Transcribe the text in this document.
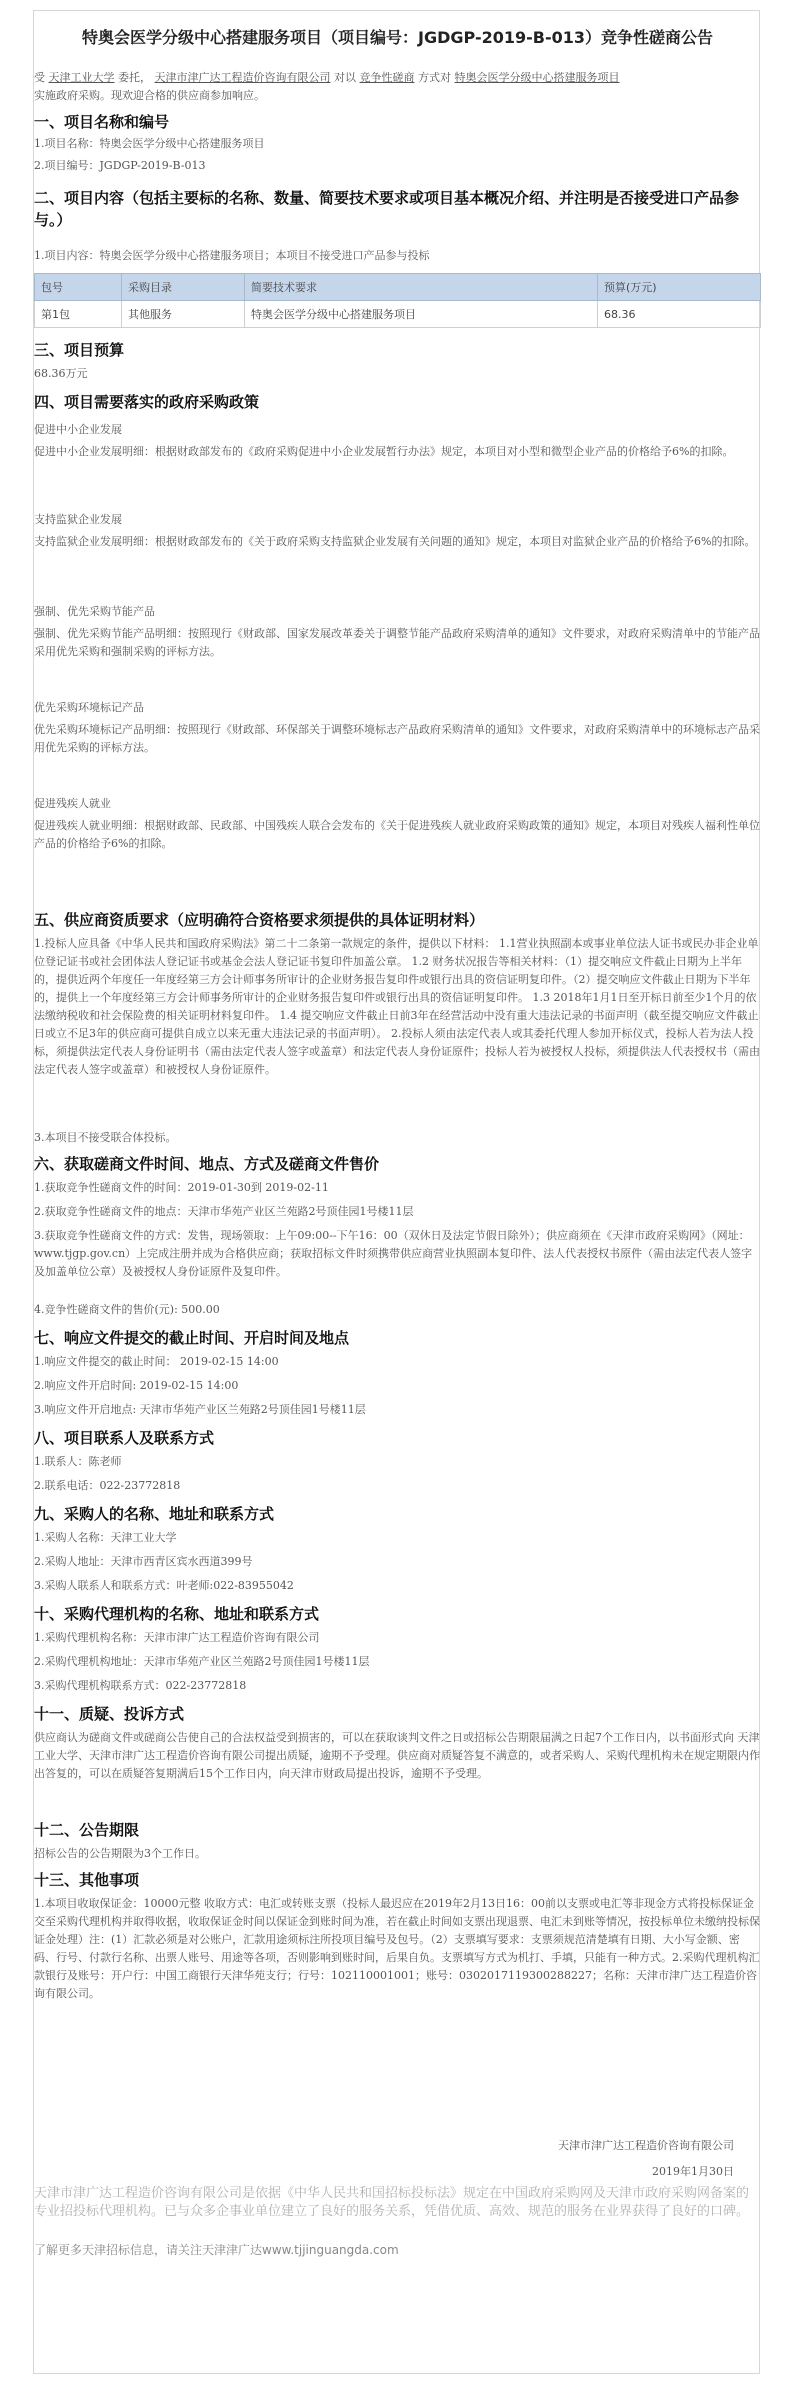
特奥会医学分级中心搭建服务项目（项目编号：JGDGP-2019-B-013）竞争性磋商公告
受 天津工业大学 委托， 天津市津广达工程造价咨询有限公司 对以 竞争性磋商 方式对 特奥会医学分级中心搭建服务项目
实施政府采购。现欢迎合格的供应商参加响应。
一、项目名称和编号
1.项目名称：特奥会医学分级中心搭建服务项目
2.项目编号：JGDGP-2019-B-013
二、项目内容（包括主要标的名称、数量、简要技术要求或项目基本概况介绍、并注明是否接受进口产品参与。）
1.项目内容：特奥会医学分级中心搭建服务项目；本项目不接受进口产品参与投标
包号	采购目录	简要技术要求	预算(万元)
第1包	其他服务	特奥会医学分级中心搭建服务项目	68.36
三、项目预算
68.36万元
四、项目需要落实的政府采购政策
促进中小企业发展
促进中小企业发展明细：根据财政部发布的《政府采购促进中小企业发展暂行办法》规定，本项目对小型和微型企业产品的价格给予6%的扣除。
支持监狱企业发展
支持监狱企业发展明细：根据财政部发布的《关于政府采购支持监狱企业发展有关问题的通知》规定，本项目对监狱企业产品的价格给予6%的扣除。
强制、优先采购节能产品
强制、优先采购节能产品明细：按照现行《财政部、国家发展改革委关于调整节能产品政府采购清单的通知》文件要求，对政府采购清单中的节能产品采用优先采购和强制采购的评标方法。
优先采购环境标记产品
优先采购环境标记产品明细：按照现行《财政部、环保部关于调整环境标志产品政府采购清单的通知》文件要求，对政府采购清单中的环境标志产品采用优先采购的评标方法。
促进残疾人就业
促进残疾人就业明细：根据财政部、民政部、中国残疾人联合会发布的《关于促进残疾人就业政府采购政策的通知》规定，本项目对残疾人福利性单位产品的价格给予6%的扣除。
五、供应商资质要求（应明确符合资格要求须提供的具体证明材料）
1.投标人应具备《中华人民共和国政府采购法》第二十二条第一款规定的条件，提供以下材料： 1.1营业执照副本或事业单位法人证书或民办非企业单位登记证书或社会团体法人登记证书或基金会法人登记证书复印件加盖公章。 1.2 财务状况报告等相关材料：（1）提交响应文件截止日期为上半年的，提供近两个年度任一年度经第三方会计师事务所审计的企业财务报告复印件或银行出具的资信证明复印件。（2）提交响应文件截止日期为下半年的，提供上一个年度经第三方会计师事务所审计的企业财务报告复印件或银行出具的资信证明复印件。 1.3 2018年1月1日至开标日前至少1个月的依法缴纳税收和社会保险费的相关证明材料复印件。 1.4 提交响应文件截止日前3年在经营活动中没有重大违法记录的书面声明（截至提交响应文件截止日或立不足3年的供应商可提供自成立以来无重大违法记录的书面声明）。 2.投标人须由法定代表人或其委托代理人参加开标仪式，投标人若为法人投标，须提供法定代表人身份证明书（需由法定代表人签字或盖章）和法定代表人身份证原件；投标人若为被授权人投标，须提供法人代表授权书（需由法定代表人签字或盖章）和被授权人身份证原件。
3.本项目不接受联合体投标。
六、获取磋商文件时间、地点、方式及磋商文件售价
1.获取竞争性磋商文件的时间：2019-01-30到 2019-02-11
2.获取竞争性磋商文件的地点：天津市华苑产业区兰苑路2号顶佳园1号楼11层
3.获取竞争性磋商文件的方式：发售，现场领取：上午09:00--下午16：00（双休日及法定节假日除外）；供应商须在《天津市政府采购网》（网址：www.tjgp.gov.cn）上完成注册并成为合格供应商；获取招标文件时须携带供应商营业执照副本复印件、法人代表授权书原件（需由法定代表人签字及加盖单位公章）及被授权人身份证原件及复印件。
4.竞争性磋商文件的售价(元): 500.00
七、响应文件提交的截止时间、开启时间及地点
1.响应文件提交的截止时间： 2019-02-15 14:00
2.响应文件开启时间: 2019-02-15 14:00
3.响应文件开启地点: 天津市华苑产业区兰苑路2号顶佳园1号楼11层
八、项目联系人及联系方式
1.联系人：陈老师
2.联系电话：022-23772818
九、采购人的名称、地址和联系方式
1.采购人名称：天津工业大学
2.采购人地址：天津市西青区宾水西道399号
3.采购人联系人和联系方式：叶老师:022-83955042
十、采购代理机构的名称、地址和联系方式
1.采购代理机构名称：天津市津广达工程造价咨询有限公司
2.采购代理机构地址：天津市华苑产业区兰苑路2号顶佳园1号楼11层
3.采购代理机构联系方式：022-23772818
十一、质疑、投诉方式
供应商认为磋商文件或磋商公告使自己的合法权益受到损害的，可以在获取谈判文件之日或招标公告期限届满之日起7个工作日内，以书面形式向 天津工业大学、天津市津广达工程造价咨询有限公司提出质疑，逾期不予受理。供应商对质疑答复不满意的，或者采购人、采购代理机构未在规定期限内作出答复的，可以在质疑答复期满后15个工作日内，向天津市财政局提出投诉，逾期不予受理。
十二、公告期限
招标公告的公告期限为3个工作日。
十三、其他事项
1.本项目收取保证金：10000元整 收取方式：电汇或转账支票（投标人最迟应在2019年2月13日16：00前以支票或电汇等非现金方式将投标保证金交至采购代理机构并取得收据，收取保证金时间以保证金到账时间为准，若在截止时间如支票出现退票、电汇未到账等情况，按投标单位未缴纳投标保证金处理）注：(1）汇款必须是对公账户，汇款用途须标注所投项目编号及包号。（2）支票填写要求：支票须规范清楚填有日期、大小写金额、密码、行号、付款行名称、出票人账号、用途等各项，否则影响到账时间，后果自负。支票填写方式为机打、手填，只能有一种方式。2.采购代理机构汇款银行及账号：开户行：中国工商银行天津华苑支行；行号：102110001001；账号：0302017119300288227；名称：天津市津广达工程造价咨询有限公司。
天津市津广达工程造价咨询有限公司
2019年1月30日
天津市津广达工程造价咨询有限公司是依据《中华人民共和国招标投标法》规定在中国政府采购网及天津市政府采购网备案的专业招投标代理机构。已与众多企事业单位建立了良好的服务关系，凭借优质、高效、规范的服务在业界获得了良好的口碑。
了解更多天津招标信息，请关注天津津广达www.tjjinguangda.com
